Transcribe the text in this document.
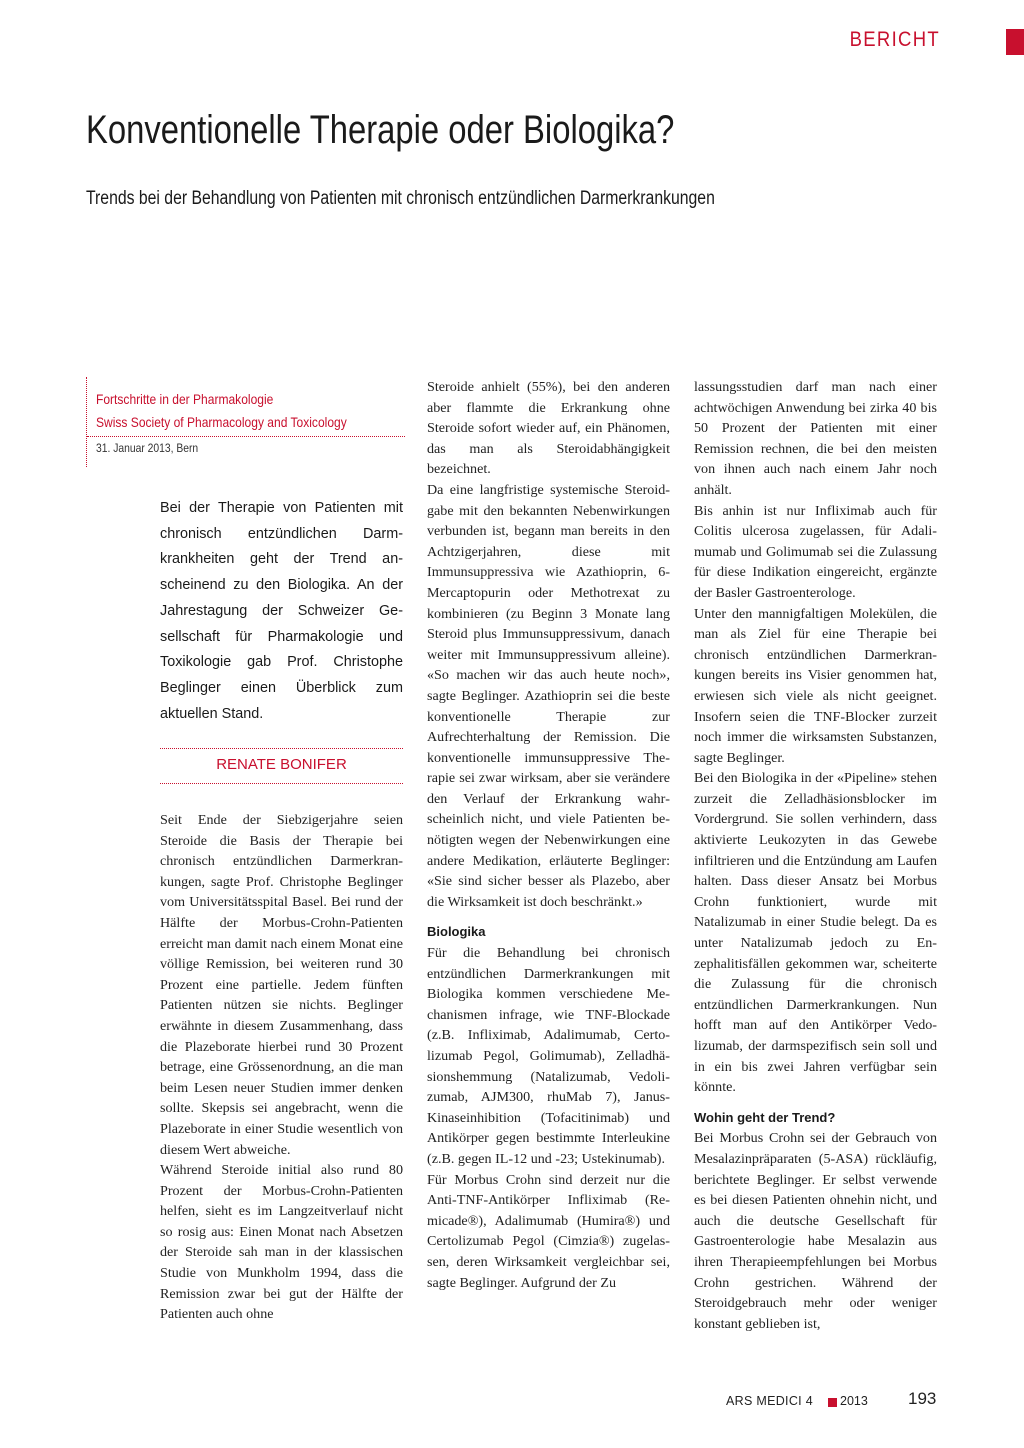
BERICHT
Konventionelle Therapie oder Biologika?
Trends bei der Behandlung von Patienten mit chronisch entzündlichen Darmerkrankungen
Fortschritte in der Pharmakologie
Swiss Society of Pharmacology and Toxicology
31. Januar 2013, Bern

Bei der Therapie von Patienten mit chronisch entzündlichen Darmkrankheiten geht der Trend anscheinend zu den Biologika. An der Jahrestagung der Schweizer Gesellschaft für Pharmakologie und Toxikologie gab Prof. Christophe Beglinger einen Überblick zum aktuellen Stand.

RENATE BONIFER

Seit Ende der Siebzigerjahre seien Steroide die Basis der Therapie bei chronisch entzündlichen Darmerkrankungen, sagte Prof. Christophe Beglinger vom Universitätsspital Basel. Bei rund der Hälfte der Morbus-Crohn-Patienten erreicht man damit nach einem Monat eine völlige Remission, bei weiteren rund 30 Prozent eine partielle. Jedem fünften Patienten nützen sie nichts. Beglinger erwähnte in diesem Zusammenhang, dass die Plazeborate hierbei rund 30 Prozent betrage, eine Grössenordnung, an die man beim Lesen neuer Studien immer denken sollte. Skepsis sei angebracht, wenn die Plazeborate in einer Studie wesentlich von diesem Wert abweiche.

Während Steroide initial also rund 80 Prozent der Morbus-Crohn-Patienten helfen, sieht es im Langzeitverlauf nicht so rosig aus: Einen Monat nach Absetzen der Steroide sah man in der klassischen Studie von Munkholm 1994, dass die Remission zwar bei gut der Hälfte der Patienten auch ohne

Steroide anhielt (55%), bei den anderen aber flammte die Erkrankung ohne Steroide sofort wieder auf, ein Phänomen, das man als Steroidabhängigkeit bezeichnet.

Da eine langfristige systemische Steroidgabe mit den bekannten Nebenwirkungen verbunden ist, begann man bereits in den Achtzigerjahren, diese mit Immunsuppressiva wie Azathioprin, 6-Mercaptopurin oder Methotrexat zu kombinieren (zu Beginn 3 Monate lang Steroid plus Immunsuppressivum, danach weiter mit Immunsuppressivum alleine). «So machen wir das auch heute noch», sagte Beglinger. Azathioprin sei die beste konventionelle Therapie zur Aufrechterhaltung der Remission. Die konventionelle immunsuppressive Therapie sei zwar wirksam, aber sie verändere den Verlauf der Erkrankung wahrscheinlich nicht, und viele Patienten benötigten wegen der Nebenwirkungen eine andere Medikation, erläuterte Beglinger: «Sie sind sicher besser als Plazebo, aber die Wirksamkeit ist doch beschränkt.»

Biologika

Für die Behandlung bei chronisch entzündlichen Darmerkrankungen mit Biologika kommen verschiedene Mechanismen infrage, wie TNF-Blockade (z.B. Infliximab, Adalimumab, Certolizumab Pegol, Golimumab), Zelladhäsionshemmung (Natalizumab, Vedolizumab, AJM300, rhuMab 7), Janus-Kinaseinhibition (Tofacitinimab) und Antikörper gegen bestimmte Interleukine (z.B. gegen IL-12 und -23; Ustekinumab).

Für Morbus Crohn sind derzeit nur die Anti-TNF-Antikörper Infliximab (Remicade®), Adalimumab (Humira®) und Certolizumab Pegol (Cimzia®) zugelassen, deren Wirksamkeit vergleichbar sei, sagte Beglinger. Aufgrund der Zu

lassungsstudien darf man nach einer achtwöchigen Anwendung bei zirka 40 bis 50 Prozent der Patienten mit einer Remission rechnen, die bei den meisten von ihnen auch nach einem Jahr noch anhält.

Bis anhin ist nur Infliximab auch für Colitis ulcerosa zugelassen, für Adalimumab und Golimumab sei die Zulassung für diese Indikation eingereicht, ergänzte der Basler Gastroenterologe.

Unter den mannigfaltigen Molekülen, die man als Ziel für eine Therapie bei chronisch entzündlichen Darmerkrankungen bereits ins Visier genommen hat, erwiesen sich viele als nicht geeignet. Insofern seien die TNF-Blocker zurzeit noch immer die wirksamsten Substanzen, sagte Beglinger.

Bei den Biologika in der «Pipeline» stehen zurzeit die Zelladhäsionsblocker im Vordergrund. Sie sollen verhindern, dass aktivierte Leukozyten in das Gewebe infiltrieren und die Entzündung am Laufen halten. Dass dieser Ansatz bei Morbus Crohn funktioniert, wurde mit Natalizumab in einer Studie belegt. Da es unter Natalizumab jedoch zu Enzephalitisfällen gekommen war, scheiterte die Zulassung für die chronisch entzündlichen Darmerkrankungen. Nun hofft man auf den Antikörper Vedolizumab, der darmspezifisch sein soll und in ein bis zwei Jahren verfügbar sein könnte.

Wohin geht der Trend?

Bei Morbus Crohn sei der Gebrauch von Mesalazinpräparaten (5-ASA) rückläufig, berichtete Beglinger. Er selbst verwende es bei diesen Patienten ohnehin nicht, und auch die deutsche Gesellschaft für Gastroenterologie habe Mesalazin aus ihren Therapieempfehlungen bei Morbus Crohn gestrichen. Während der Steroidgebrauch mehr oder weniger konstant geblieben ist,

ARS MEDICI 4 2013 193
